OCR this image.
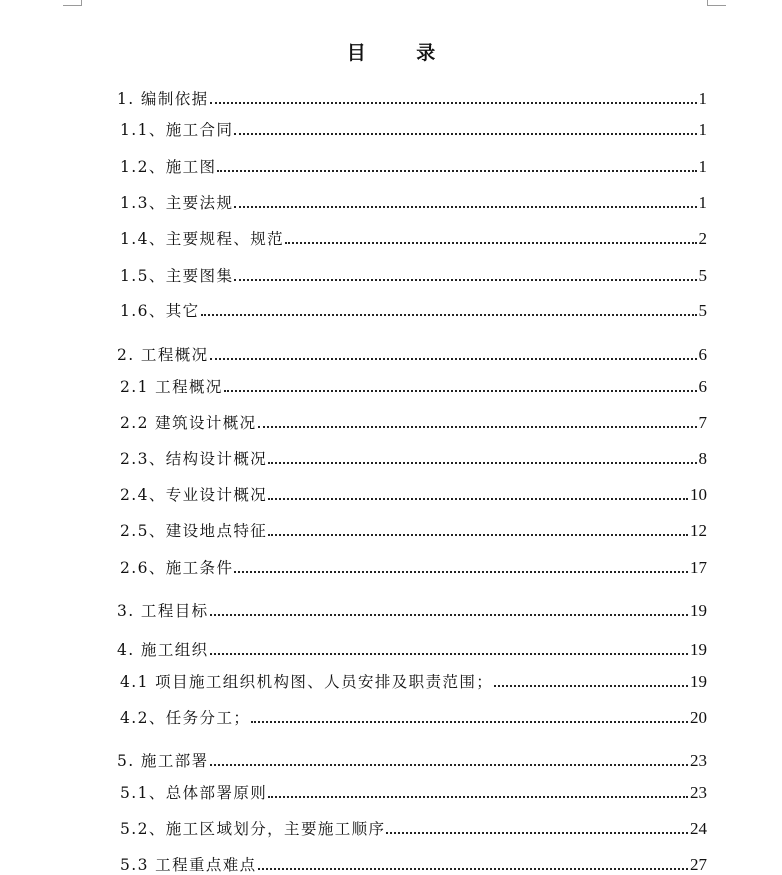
目 录
1. 编制依据	1
1.1、施工合同	1
1.2、施工图	1
1.3、主要法规	1
1.4、主要规程、规范	2
1.5、主要图集	5
1.6、其它	5
2. 工程概况	6
2.1 工程概况	6
2.2 建筑设计概况	7
2.3、结构设计概况	8
2.4、专业设计概况	10
2.5、建设地点特征	12
2.6、施工条件	17
3. 工程目标	19
4. 施工组织	19
4.1 项目施工组织机构图、人员安排及职责范围；	19
4.2、任务分工；	20
5. 施工部署	23
5.1、总体部署原则	23
5.2、施工区域划分，主要施工顺序	24
5.3 工程重点难点	27
